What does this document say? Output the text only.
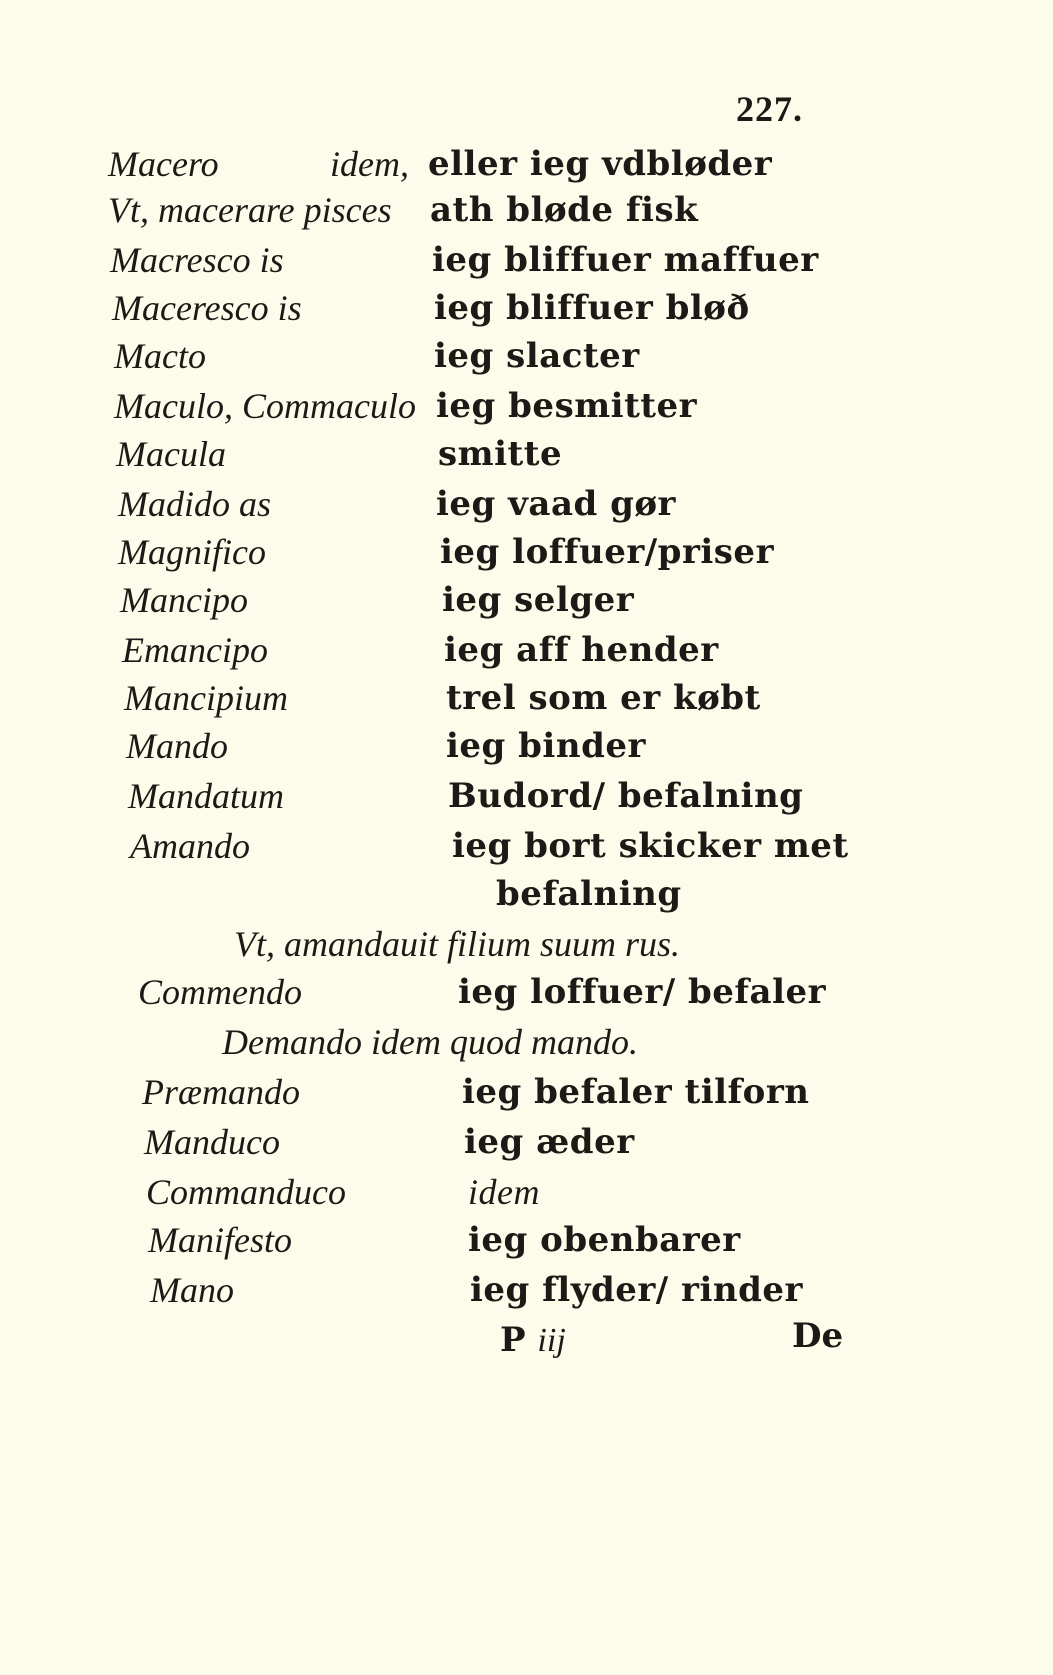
227.
Macero	idem, eller ieg vdbløder
Vt, macerare pisces ath bløde fisk
Macresco is	ieg bliffuer maffuer
Maceresco is	ieg bliffuer bløð
Macto	ieg slacter
Maculo, Commaculo ieg besmitter
Macula	smitte
Madido as	ieg vaad gør
Magnifico	ieg loffuer/priser
Mancipo	ieg selger
Emancipo	ieg aff hender
Mancipium	trel som er købt
Mando	ieg binder
Mandatum	Budord/ befalning
Amando	ieg bort skicker met
befalning
Vt, amandauit filium suum rus.
Commendo	ieg loffuer/ befaler
Demando idem quod mando.
Præmando	ieg befaler tilforn
Manduco	ieg æder
Commanduco	idem
Manifesto	ieg obenbarer
Mano	ieg flyder/ rinder
P iij	De
